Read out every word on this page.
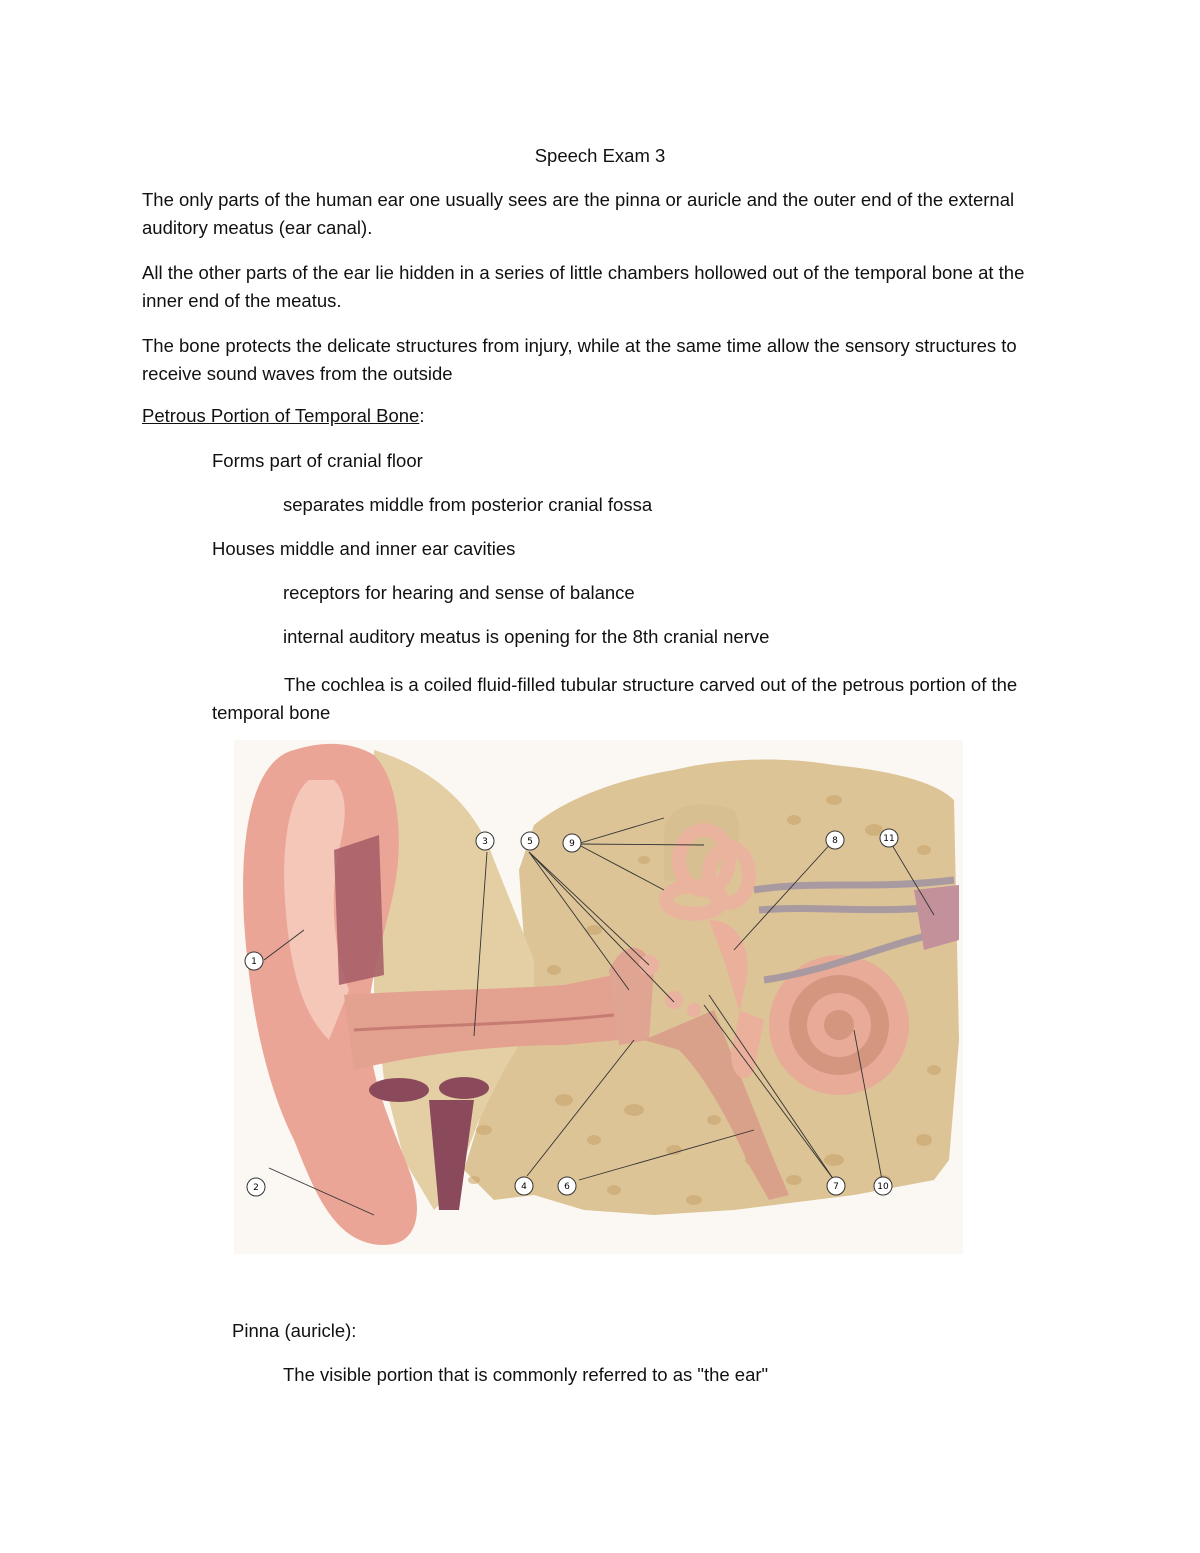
Speech Exam 3

The only parts of the human ear one usually sees are the pinna or auricle and the outer end of the external auditory meatus (ear canal).

All the other parts of the ear lie hidden in a series of little chambers hollowed out of the temporal bone at the inner end of the meatus.

The bone protects the delicate structures from injury, while at the same time allow the sensory structures to receive sound waves from the outside

Petrous Portion of Temporal Bone:

Forms part of cranial floor

separates middle from posterior cranial fossa

Houses middle and inner ear cavities

receptors for hearing and sense of balance

internal auditory meatus is opening for the 8th cranial nerve

The cochlea is a coiled fluid-filled tubular structure carved out of the petrous portion of the temporal bone

1
2
3
4
5
6	7
8
9
10
11

Pinna (auricle):

The visible portion that is commonly referred to as "the ear"
